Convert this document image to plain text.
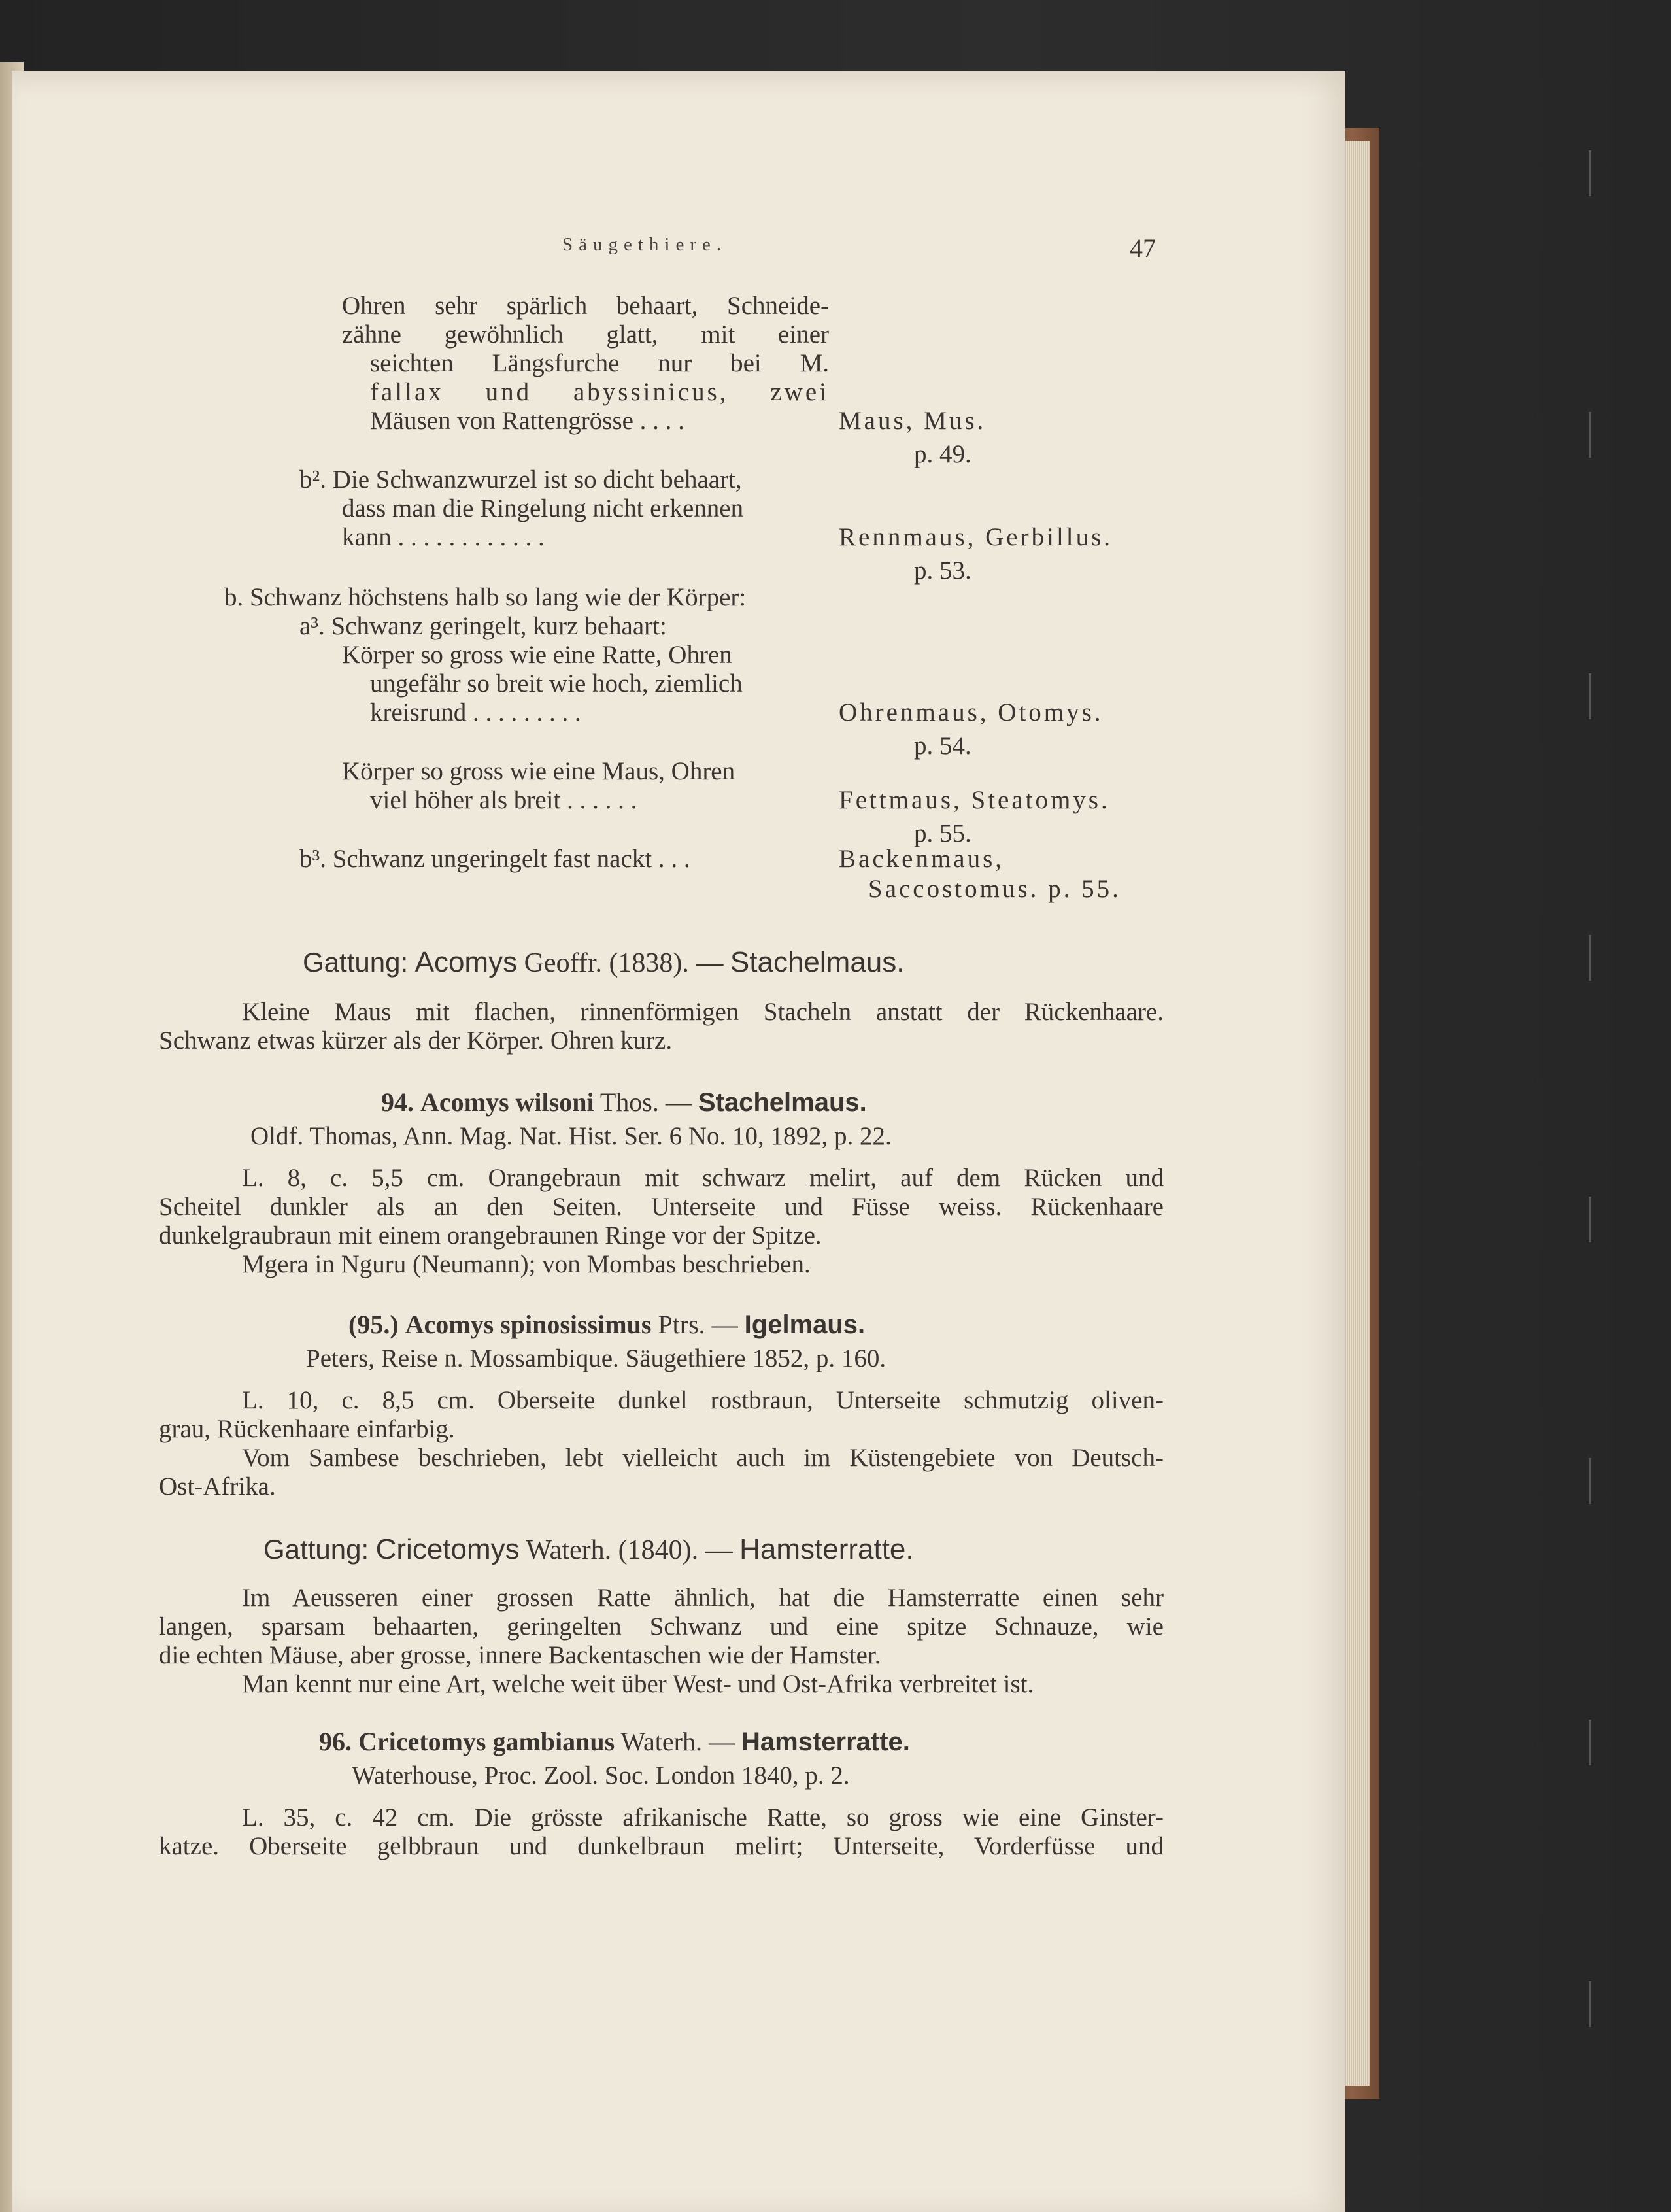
Säugethiere.	47
Ohren sehr spärlich behaart, Schneide-
zähne gewöhnlich glatt, mit einer
seichten Längsfurche nur bei M.
fallax und abyssinicus, zwei
Mäusen von Rattengrösse . . . .	Maus, Mus.
p. 49.
b². Die Schwanzwurzel ist so dicht behaart,
dass man die Ringelung nicht erkennen
kann . . . . . . . . . . . .	Rennmaus, Gerbillus.
p. 53.
b. Schwanz höchstens halb so lang wie der Körper:
a³. Schwanz geringelt, kurz behaart:
Körper so gross wie eine Ratte, Ohren
ungefähr so breit wie hoch, ziemlich
kreisrund . . . . . . . . .	Ohrenmaus, Otomys.
p. 54.
Körper so gross wie eine Maus, Ohren
viel höher als breit . . . . . .	Fettmaus, Steatomys.
p. 55.
b³. Schwanz ungeringelt fast nackt . . .	Backenmaus,
Saccostomus. p. 55.
Gattung: Acomys Geoffr. (1838). — Stachelmaus.
Kleine Maus mit flachen, rinnenförmigen Stacheln anstatt der Rückenhaare.
Schwanz etwas kürzer als der Körper. Ohren kurz.
94. Acomys wilsoni Thos. — Stachelmaus.
Oldf. Thomas, Ann. Mag. Nat. Hist. Ser. 6 No. 10, 1892, p. 22.
L. 8, c. 5,5 cm. Orangebraun mit schwarz melirt, auf dem Rücken und
Scheitel dunkler als an den Seiten. Unterseite und Füsse weiss. Rückenhaare
dunkelgraubraun mit einem orangebraunen Ringe vor der Spitze.
Mgera in Nguru (Neumann); von Mombas beschrieben.
(95.) Acomys spinosissimus Ptrs. — Igelmaus.
Peters, Reise n. Mossambique. Säugethiere 1852, p. 160.
L. 10, c. 8,5 cm. Oberseite dunkel rostbraun, Unterseite schmutzig oliven-
grau, Rückenhaare einfarbig.
Vom Sambese beschrieben, lebt vielleicht auch im Küstengebiete von Deutsch-
Ost-Afrika.
Gattung: Cricetomys Waterh. (1840). — Hamsterratte.
Im Aeusseren einer grossen Ratte ähnlich, hat die Hamsterratte einen sehr
langen, sparsam behaarten, geringelten Schwanz und eine spitze Schnauze, wie
die echten Mäuse, aber grosse, innere Backentaschen wie der Hamster.
Man kennt nur eine Art, welche weit über West- und Ost-Afrika verbreitet ist.
96. Cricetomys gambianus Waterh. — Hamsterratte.
Waterhouse, Proc. Zool. Soc. London 1840, p. 2.
L. 35, c. 42 cm. Die grösste afrikanische Ratte, so gross wie eine Ginster-
katze. Oberseite gelbbraun und dunkelbraun melirt; Unterseite, Vorderfüsse und
